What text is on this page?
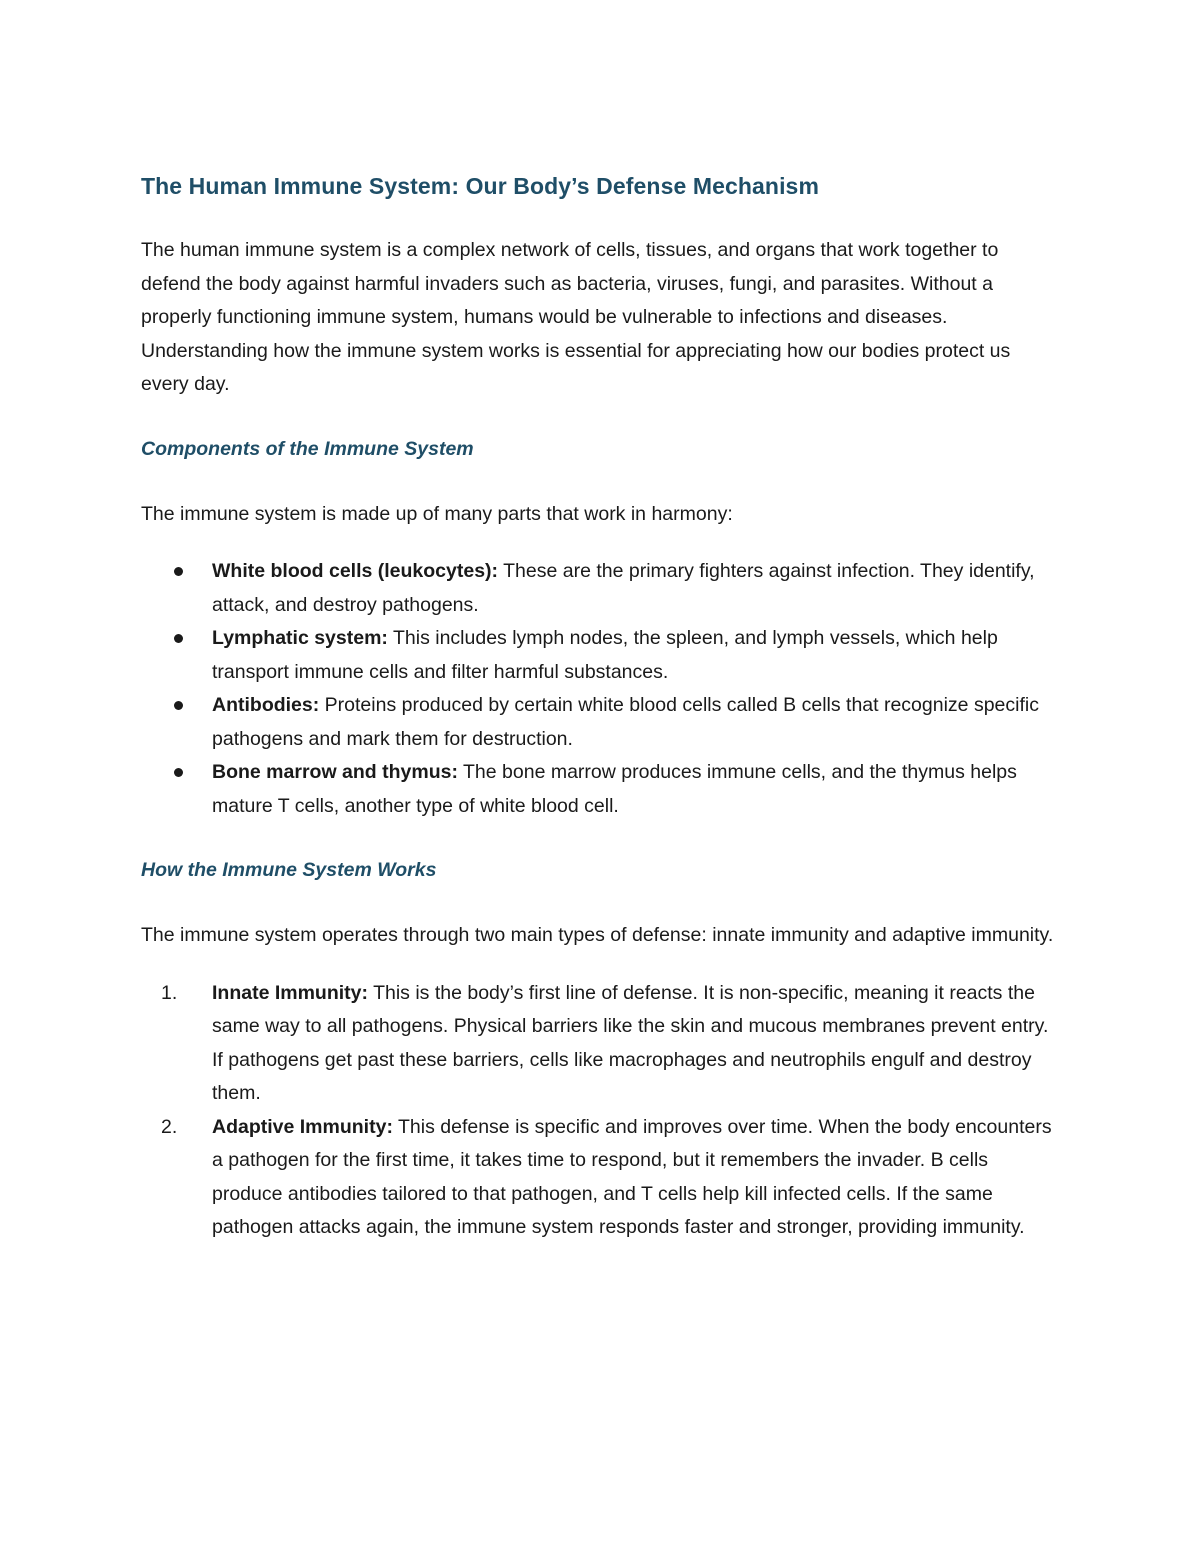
The Human Immune System: Our Body’s Defense Mechanism

The human immune system is a complex network of cells, tissues, and organs that work together to defend the body against harmful invaders such as bacteria, viruses, fungi, and parasites. Without a properly functioning immune system, humans would be vulnerable to infections and diseases. Understanding how the immune system works is essential for appreciating how our bodies protect us every day.

Components of the Immune System

The immune system is made up of many parts that work in harmony:

White blood cells (leukocytes): These are the primary fighters against infection. They identify, attack, and destroy pathogens.
Lymphatic system: This includes lymph nodes, the spleen, and lymph vessels, which help transport immune cells and filter harmful substances.
Antibodies: Proteins produced by certain white blood cells called B cells that recognize specific pathogens and mark them for destruction.
Bone marrow and thymus: The bone marrow produces immune cells, and the thymus helps mature T cells, another type of white blood cell.
How the Immune System Works

The immune system operates through two main types of defense: innate immunity and adaptive immunity.

1.	Innate Immunity: This is the body’s first line of defense. It is non-specific, meaning it reacts the same way to all pathogens. Physical barriers like the skin and mucous membranes prevent entry. If pathogens get past these barriers, cells like macrophages and neutrophils engulf and destroy them.
2.	Adaptive Immunity: This defense is specific and improves over time. When the body encounters a pathogen for the first time, it takes time to respond, but it remembers the invader. B cells produce antibodies tailored to that pathogen, and T cells help kill infected cells. If the same pathogen attacks again, the immune system responds faster and stronger, providing immunity.
